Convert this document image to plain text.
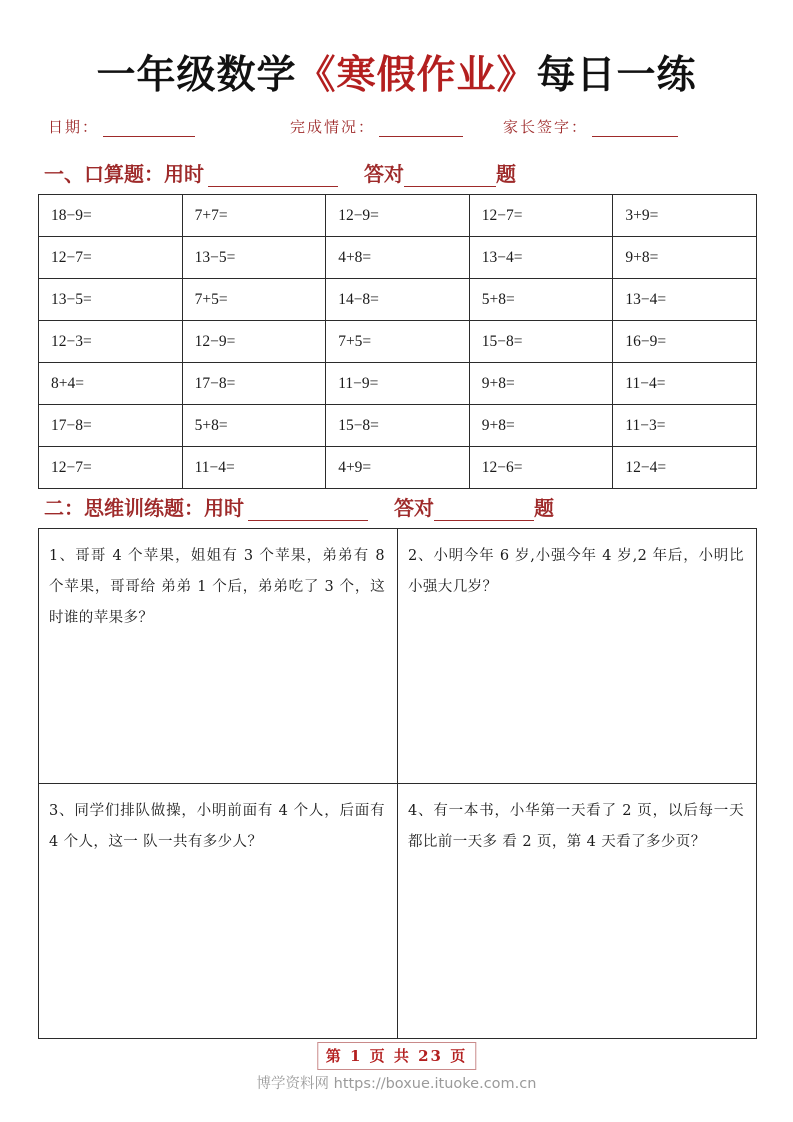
一年级数学《寒假作业》每日一练
日期：	完成情况：	家长签字：
一、 口算题： 用时	答对	题
18−9=	7+7=	12−9=	12−7=	3+9=
12−7=	13−5=	4+8=	13−4=	9+8=
13−5=	7+5=	14−8=	5+8=	13−4=
12−3=	12−9=	7+5=	15−8=	16−9=
8+4=	17−8=	11−9=	9+8=	11−4=
17−8=	5+8=	15−8=	9+8=	11−3=
12−7=	11−4=	4+9=	12−6=	12−4=
二： 思维训练题： 用时	答对	题
1、哥哥 4 个苹果，姐姐有 3 个苹果，弟弟有 8 个苹果，哥哥给 弟弟 1 个后，弟弟吃了 3 个，这时谁的苹果多？	2、小明今年 6 岁,小强今年 4 岁,2 年后，小明比小强大几岁？

3、同学们排队做操，小明前面有 4 个人，后面有 4 个人，这一 队一共有多少人？	4、有一本书，小华第一天看了 2 页，以后每一天都比前一天多 看 2 页，第 4 天看了多少页？
第 1 页 共 23 页
博学资料网 https://boxue.ituoke.com.cn
